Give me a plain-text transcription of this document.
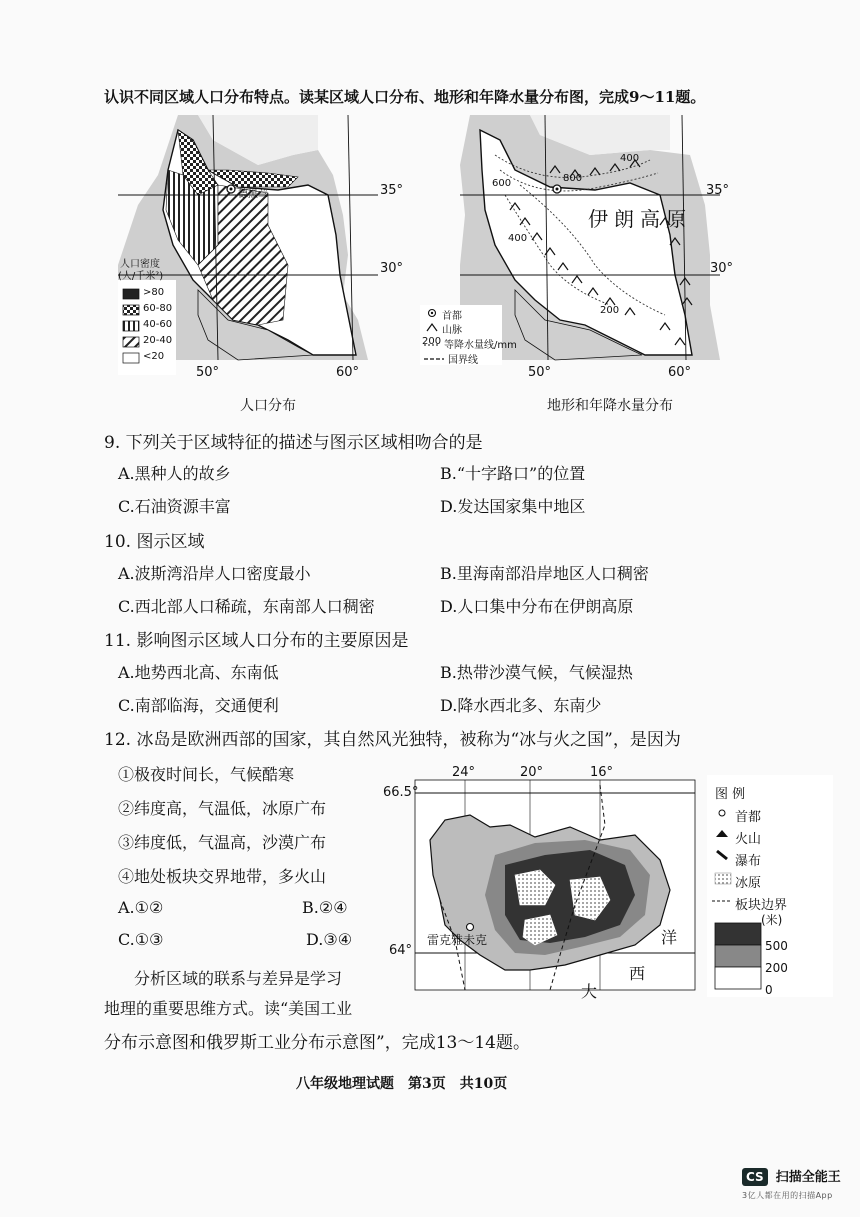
认识不同区域人口分布特点。读某区域人口分布、地形和年降水量分布图，完成9～11题。
德黑兰	35°
30°
50°	60°
人口密度
(人/千米²)
>80
60-80
40-60
20-40
<20
人口分布
伊朗高原
600	800
400
400
200
35°
30°
50°	60°
首都
山脉
200 等降水量线/mm
国界线
地形和年降水量分布
9. 下列关于区域特征的描述与图示区域相吻合的是
A.黑种人的故乡	B.“十字路口”的位置
C.石油资源丰富	D.发达国家集中地区
10. 图示区域
A.波斯湾沿岸人口密度最小	B.里海南部沿岸地区人口稠密
C.西北部人口稀疏，东南部人口稠密	D.人口集中分布在伊朗高原
11. 影响图示区域人口分布的主要原因是
A.地势西北高、东南低	B.热带沙漠气候，气候湿热
C.南部临海，交通便利	D.降水西北多、东南少
12. 冰岛是欧洲西部的国家，其自然风光独特，被称为“冰与火之国”，是因为
①极夜时间长，气候酷寒
②纬度高，气温低，冰原广布
③纬度低，气温高，沙漠广布
④地处板块交界地带，多火山
A.①②	B.②④
C.①③	D.③④
24°	20°	16°
66.5°
64°
雷克雅未克	洋
西
大
图 例
首都
火山
瀑布
冰原
板块边界
(米)
500
200
0
分析区域的联系与差异是学习
地理的重要思维方式。读“美国工业
分布示意图和俄罗斯工业分布示意图”，完成13～14题。
八年级地理试题　第3页　共10页
CS 扫描全能王
3亿人都在用的扫描App
